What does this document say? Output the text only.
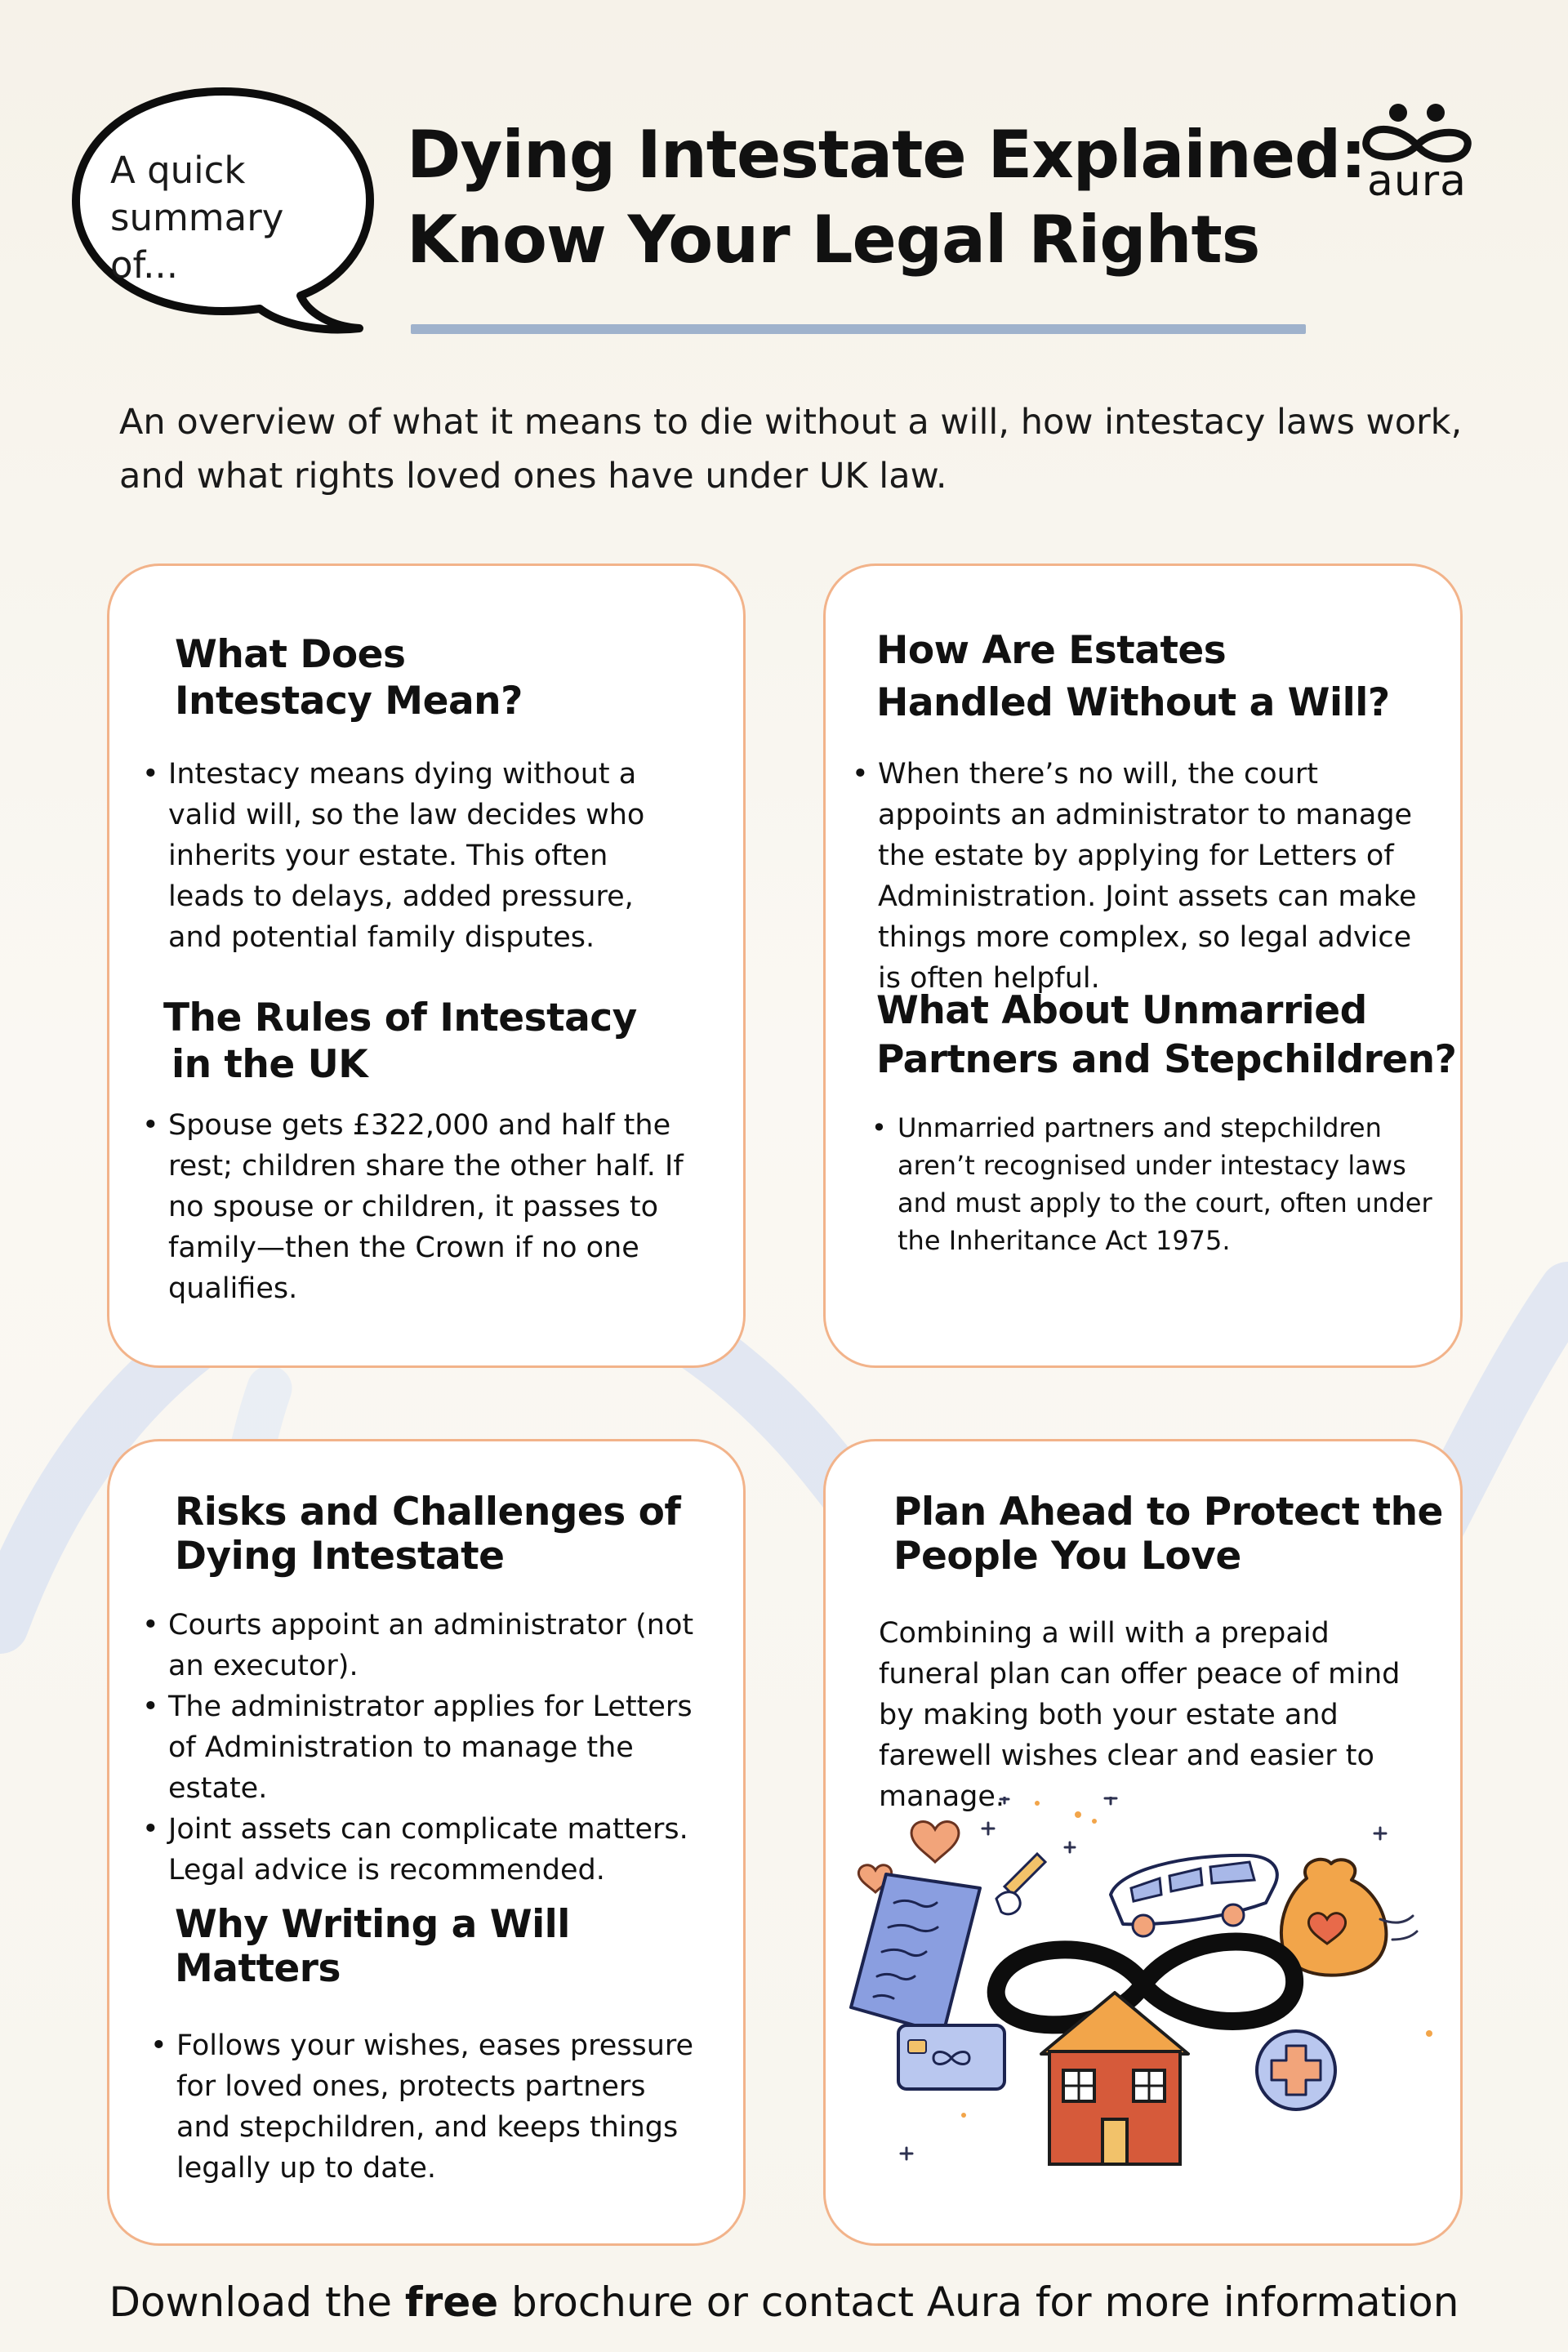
A quick
summary of...
Dying Intestate Explained:
Know Your Legal Rights
aura

An overview of what it means to die without a will, how intestacy laws work, and what rights loved ones have under UK law.

What Does
Intestacy Mean?
• Intestacy means dying without a valid will, so the law decides who inherits your estate. This often leads to delays, added pressure, and potential family disputes.
The Rules of Intestacy
in the UK
• Spouse gets £322,000 and half the rest; children share the other half. If no spouse or children, it passes to family—then the Crown if no one qualifies.
How Are Estates
Handled Without a Will?
• When there’s no will, the court appoints an administrator to manage the estate by applying for Letters of Administration. Joint assets can make things more complex, so legal advice is often helpful.
What About Unmarried
Partners and Stepchildren?
• Unmarried partners and stepchildren aren’t recognised under intestacy laws and must apply to the court, often under the Inheritance Act 1975.
Risks and Challenges of
Dying Intestate
• Courts appoint an administrator (not an executor).
• The administrator applies for Letters of Administration to manage the estate.
• Joint assets can complicate matters. Legal advice is recommended.
Why Writing a Will
Matters
• Follows your wishes, eases pressure for loved ones, protects partners and stepchildren, and keeps things legally up to date.
Plan Ahead to Protect the
People You Love

Combining a will with a prepaid funeral plan can offer peace of mind by making both your estate and farewell wishes clear and easier to manage.

Download the free brochure or contact Aura for more information
